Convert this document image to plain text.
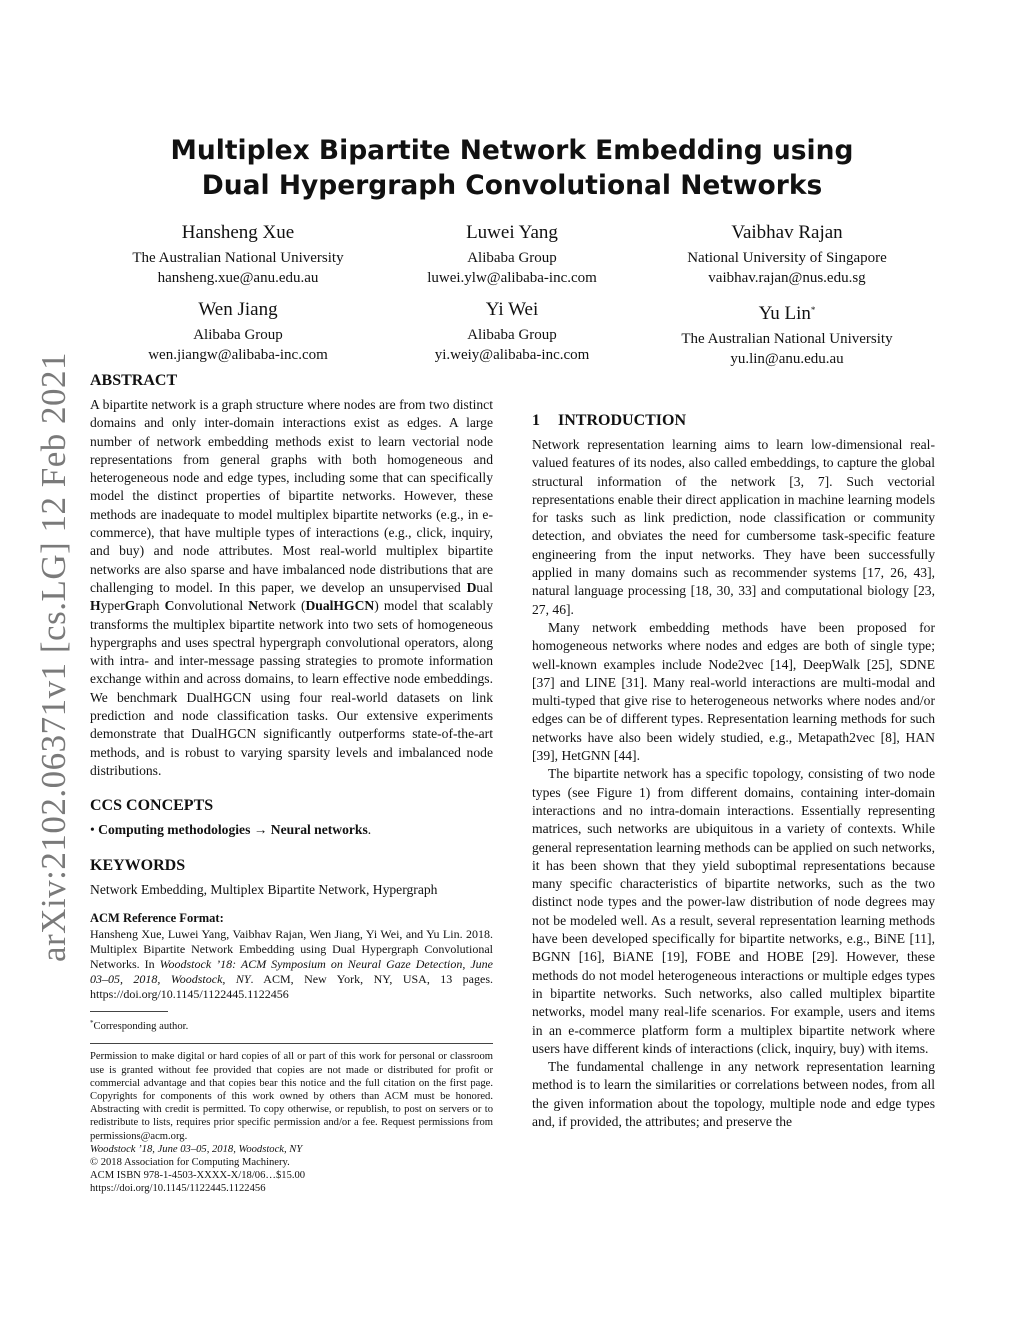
arXiv:2102.06371v1 [cs.LG] 12 Feb 2021
Multiplex Bipartite Network Embedding using
Dual Hypergraph Convolutional Networks
Hansheng Xue
The Australian National University
hansheng.xue@anu.edu.au
Luwei Yang
Alibaba Group
luwei.ylw@alibaba-inc.com
Vaibhav Rajan
National University of Singapore
vaibhav.rajan@nus.edu.sg
Wen Jiang
Alibaba Group
wen.jiangw@alibaba-inc.com
Yi Wei
Alibaba Group
yi.weiy@alibaba-inc.com
Yu Lin*
The Australian National University
yu.lin@anu.edu.au
ABSTRACT

A bipartite network is a graph structure where nodes are from two distinct domains and only inter-domain interactions exist as edges. A large number of network embedding methods exist to learn vectorial node representations from general graphs with both homogeneous and heterogeneous node and edge types, including some that can specifically model the distinct properties of bipartite networks. However, these methods are inadequate to model multiplex bipartite networks (e.g., in e-commerce), that have multiple types of interactions (e.g., click, inquiry, and buy) and node attributes. Most real-world multiplex bipartite networks are also sparse and have imbalanced node distributions that are challenging to model. In this paper, we develop an unsupervised Dual HyperGraph Convolutional Network (DualHGCN) model that scalably transforms the multiplex bipartite network into two sets of homogeneous hypergraphs and uses spectral hypergraph convolutional operators, along with intra- and inter-message passing strategies to promote information exchange within and across domains, to learn effective node embeddings. We benchmark DualHGCN using four real-world datasets on link prediction and node classification tasks. Our extensive experiments demonstrate that DualHGCN significantly outperforms state-of-the-art methods, and is robust to varying sparsity levels and imbalanced node distributions.

CCS CONCEPTS

• Computing methodologies → Neural networks.

KEYWORDS

Network Embedding, Multiplex Bipartite Network, Hypergraph

ACM Reference Format:

Hansheng Xue, Luwei Yang, Vaibhav Rajan, Wen Jiang, Yi Wei, and Yu Lin. 2018. Multiplex Bipartite Network Embedding using Dual Hypergraph Convolutional Networks. In Woodstock ’18: ACM Symposium on Neural Gaze Detection, June 03–05, 2018, Woodstock, NY. ACM, New York, NY, USA, 13 pages. https://doi.org/10.1145/1122445.1122456

*Corresponding author.
Permission to make digital or hard copies of all or part of this work for personal or classroom use is granted without fee provided that copies are not made or distributed for profit or commercial advantage and that copies bear this notice and the full citation on the first page. Copyrights for components of this work owned by others than ACM must be honored. Abstracting with credit is permitted. To copy otherwise, or republish, to post on servers or to redistribute to lists, requires prior specific permission and/or a fee. Request permissions from permissions@acm.org.
Woodstock ’18, June 03–05, 2018, Woodstock, NY
© 2018 Association for Computing Machinery.
ACM ISBN 978-1-4503-XXXX-X/18/06…$15.00
https://doi.org/10.1145/1122445.1122456

1 INTRODUCTION

Network representation learning aims to learn low-dimensional real-valued features of its nodes, also called embeddings, to capture the global structural information of the network [3, 7]. Such vectorial representations enable their direct application in machine learning models for tasks such as link prediction, node classification or community detection, and obviates the need for cumbersome task-specific feature engineering from the input networks. They have been successfully applied in many domains such as recommender systems [17, 26, 43], natural language processing [18, 30, 33] and computational biology [23, 27, 46].

Many network embedding methods have been proposed for homogeneous networks where nodes and edges are both of single type; well-known examples include Node2vec [14], DeepWalk [25], SDNE [37] and LINE [31]. Many real-world interactions are multi-modal and multi-typed that give rise to heterogeneous networks where nodes and/or edges can be of different types. Representation learning methods for such networks have also been widely studied, e.g., Metapath2vec [8], HAN [39], HetGNN [44].

The bipartite network has a specific topology, consisting of two node types (see Figure 1) from different domains, containing inter-domain interactions and no intra-domain interactions. Essentially representing matrices, such networks are ubiquitous in a variety of contexts. While general representation learning methods can be applied on such networks, it has been shown that they yield suboptimal representations because many specific characteristics of bipartite networks, such as the two distinct node types and the power-law distribution of node degrees may not be modeled well. As a result, several representation learning methods have been developed specifically for bipartite networks, e.g., BiNE [11], BGNN [16], BiANE [19], FOBE and HOBE [29]. However, these methods do not model heterogeneous interactions or multiple edges types in bipartite networks. Such networks, also called multiplex bipartite networks, model many real-life scenarios. For example, users and items in an e-commerce platform form a multiplex bipartite network where users have different kinds of interactions (click, inquiry, buy) with items.

The fundamental challenge in any network representation learning method is to learn the similarities or correlations between nodes, from all the given information about the topology, multiple node and edge types and, if provided, the attributes; and preserve the
